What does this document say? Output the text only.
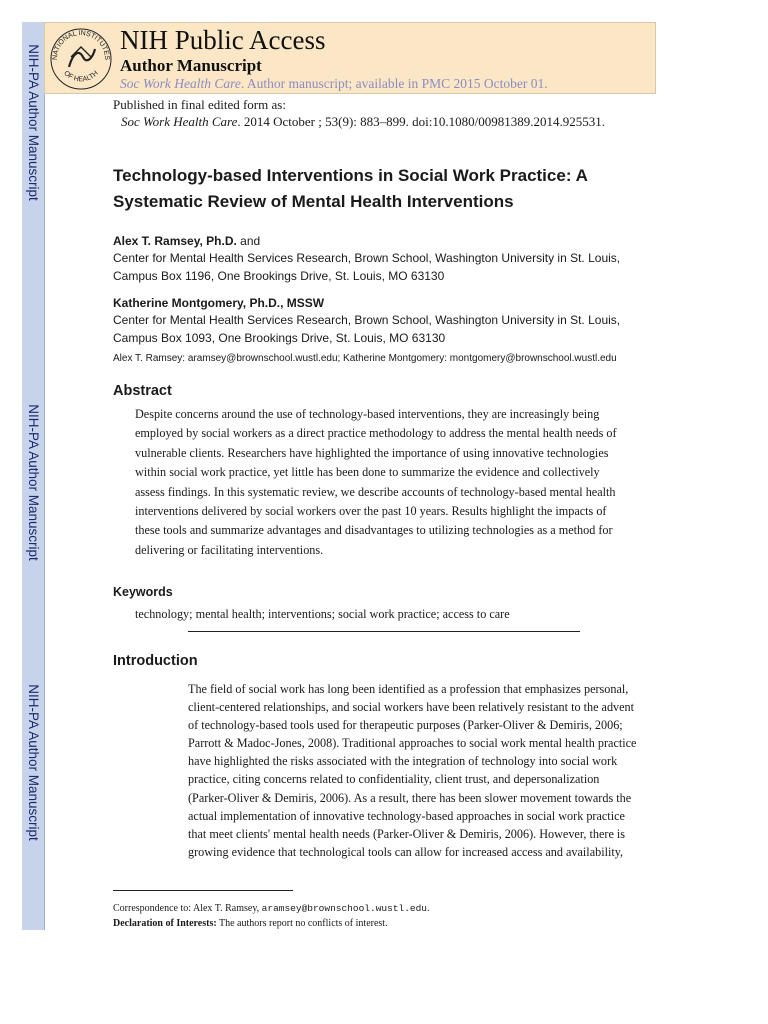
NIH-PA Author Manuscript
NIH-PA Author Manuscript
NIH-PA Author Manuscript
NATIONAL INSTITUTES
OF HEALTH
NIH Public Access
Author Manuscript
Soc Work Health Care. Author manuscript; available in PMC 2015 October 01.
Published in final edited form as:
Soc Work Health Care. 2014 October ; 53(9): 883–899. doi:10.1080/00981389.2014.925531.
Technology-based Interventions in Social Work Practice: A Systematic Review of Mental Health Interventions
Alex T. Ramsey, Ph.D. and
Center for Mental Health Services Research, Brown School, Washington University in St. Louis,
Campus Box 1196, One Brookings Drive, St. Louis, MO 63130
Katherine Montgomery, Ph.D., MSSW
Center for Mental Health Services Research, Brown School, Washington University in St. Louis,
Campus Box 1093, One Brookings Drive, St. Louis, MO 63130
Alex T. Ramsey: aramsey@brownschool.wustl.edu; Katherine Montgomery: montgomery@brownschool.wustl.edu
Abstract
Despite concerns around the use of technology-based interventions, they are increasingly being
employed by social workers as a direct practice methodology to address the mental health needs of
vulnerable clients. Researchers have highlighted the importance of using innovative technologies
within social work practice, yet little has been done to summarize the evidence and collectively
assess findings. In this systematic review, we describe accounts of technology-based mental health
interventions delivered by social workers over the past 10 years. Results highlight the impacts of
these tools and summarize advantages and disadvantages to utilizing technologies as a method for
delivering or facilitating interventions.
Keywords
technology; mental health; interventions; social work practice; access to care
Introduction
The field of social work has long been identified as a profession that emphasizes personal,
client-centered relationships, and social workers have been relatively resistant to the advent
of technology-based tools used for therapeutic purposes (Parker-Oliver & Demiris, 2006;
Parrott & Madoc-Jones, 2008). Traditional approaches to social work mental health practice
have highlighted the risks associated with the integration of technology into social work
practice, citing concerns related to confidentiality, client trust, and depersonalization
(Parker-Oliver & Demiris, 2006). As a result, there has been slower movement towards the
actual implementation of innovative technology-based approaches in social work practice
that meet clients' mental health needs (Parker-Oliver & Demiris, 2006). However, there is
growing evidence that technological tools can allow for increased access and availability,
Correspondence to: Alex T. Ramsey, aramsey@brownschool.wustl.edu.
Declaration of Interests: The authors report no conflicts of interest.
